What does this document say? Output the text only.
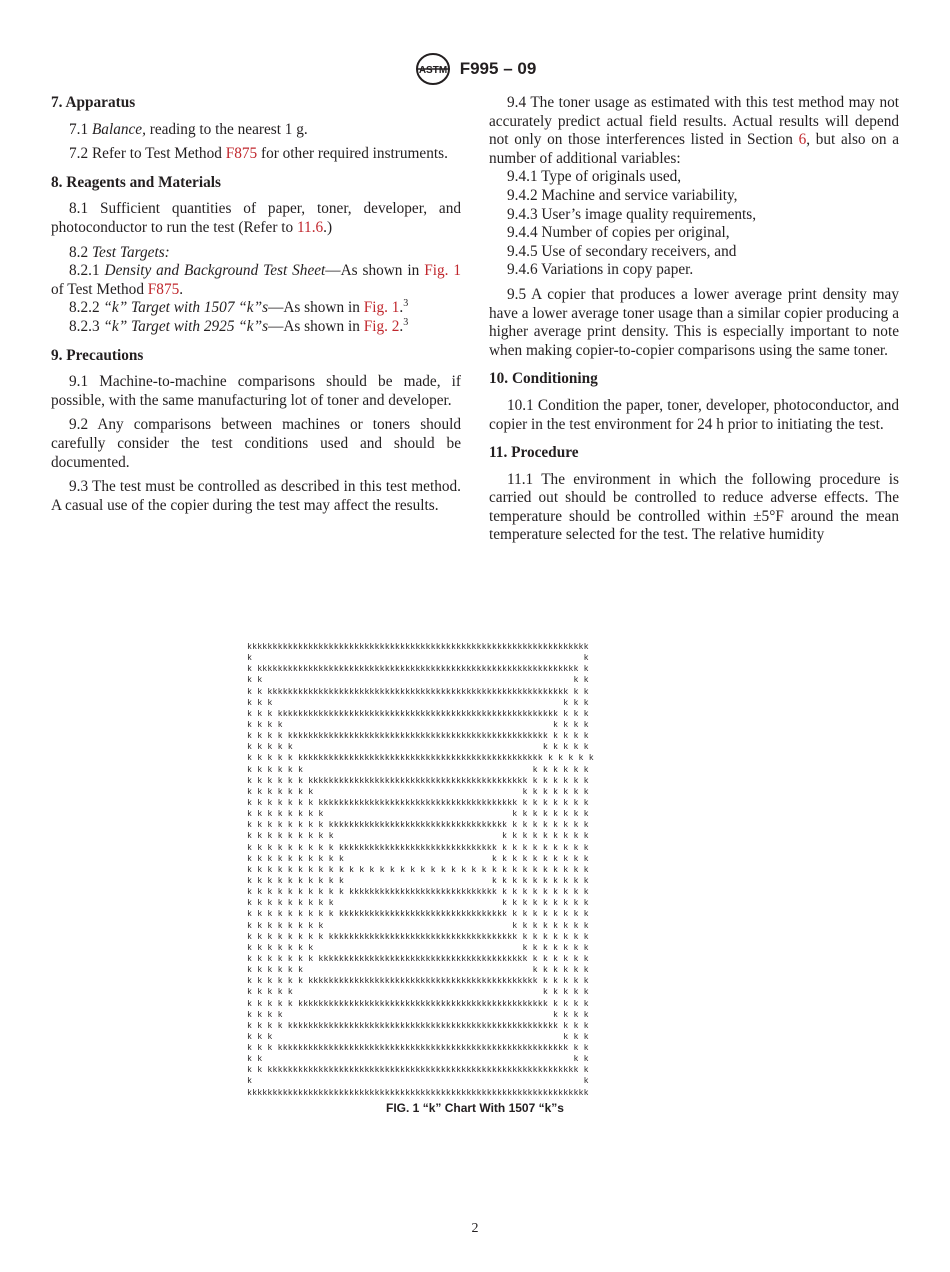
ASTM F995 – 09
7. Apparatus

7.1 Balance, reading to the nearest 1 g.

7.2 Refer to Test Method F875 for other required instruments.

8. Reagents and Materials

8.1 Sufficient quantities of paper, toner, developer, and photoconductor to run the test (Refer to 11.6.)

8.2 Test Targets:

8.2.1 Density and Background Test Sheet—As shown in Fig. 1 of Test Method F875.

8.2.2 “k” Target with 1507 “k”s—As shown in Fig. 1.$^3$

8.2.3 “k” Target with 2925 “k”s—As shown in Fig. 2.$^3$

9. Precautions

9.1 Machine-to-machine comparisons should be made, if possible, with the same manufacturing lot of toner and developer.

9.2 Any comparisons between machines or toners should carefully consider the test conditions used and should be documented.

9.3 The test must be controlled as described in this test method. A casual use of the copier during the test may affect the results.

9.4 The toner usage as estimated with this test method may not accurately predict actual field results. Actual results will depend not only on those interferences listed in Section 6, but also on a number of additional variables:

9.4.1 Type of originals used,

9.4.2 Machine and service variability,

9.4.3 User’s image quality requirements,

9.4.4 Number of copies per original,

9.4.5 Use of secondary receivers, and

9.4.6 Variations in copy paper.

9.5 A copier that produces a lower average print density may have a lower average toner usage than a similar copier producing a higher average print density. This is especially important to note when making copier-to-copier comparisons using the same toner.

10. Conditioning

10.1 Condition the paper, toner, developer, photoconductor, and copier in the test environment for 24 h prior to initiating the test.

11. Procedure

11.1 The environment in which the following procedure is carried out should be controlled to reduce adverse effects. The temperature should be controlled within ±5°F around the mean temperature selected for the test. The relative humidity

kkkkkkkkkkkkkkkkkkkkkkkkkkkkkkkkkkkkkkkkkkkkkkkkkkkkkkkkkkkkkkkkkkk
k                                                                 k
k kkkkkkkkkkkkkkkkkkkkkkkkkkkkkkkkkkkkkkkkkkkkkkkkkkkkkkkkkkkkkkk k
k k                                                             k k
k k kkkkkkkkkkkkkkkkkkkkkkkkkkkkkkkkkkkkkkkkkkkkkkkkkkkkkkkkkkk k k
k k k                                                         k k k
k k k kkkkkkkkkkkkkkkkkkkkkkkkkkkkkkkkkkkkkkkkkkkkkkkkkkkkkkk k k k
k k k k                                                     k k k k
k k k k kkkkkkkkkkkkkkkkkkkkkkkkkkkkkkkkkkkkkkkkkkkkkkkkkkk k k k k
k k k k k                                                 k k k k k
k k k k k kkkkkkkkkkkkkkkkkkkkkkkkkkkkkkkkkkkkkkkkkkkkkkkk k k k k k
k k k k k k                                             k k k k k k
k k k k k k kkkkkkkkkkkkkkkkkkkkkkkkkkkkkkkkkkkkkkkkkkk k k k k k k
k k k k k k k                                         k k k k k k k
k k k k k k k kkkkkkkkkkkkkkkkkkkkkkkkkkkkkkkkkkkkkkk k k k k k k k
k k k k k k k k                                     k k k k k k k k
k k k k k k k k kkkkkkkkkkkkkkkkkkkkkkkkkkkkkkkkkkk k k k k k k k k
k k k k k k k k k                                 k k k k k k k k k
k k k k k k k k k kkkkkkkkkkkkkkkkkkkkkkkkkkkkkkk k k k k k k k k k
k k k k k k k k k k                             k k k k k k k k k k
k k k k k k k k k k k k k k k k k k k k k k k k k k k k k k k k k k
k k k k k k k k k k                             k k k k k k k k k k
k k k k k k k k k k kkkkkkkkkkkkkkkkkkkkkkkkkkkkk k k k k k k k k k
k k k k k k k k k                                 k k k k k k k k k
k k k k k k k k k kkkkkkkkkkkkkkkkkkkkkkkkkkkkkkkkk k k k k k k k k
k k k k k k k k                                     k k k k k k k k
k k k k k k k k kkkkkkkkkkkkkkkkkkkkkkkkkkkkkkkkkkkkk k k k k k k k
k k k k k k k                                         k k k k k k k
k k k k k k k kkkkkkkkkkkkkkkkkkkkkkkkkkkkkkkkkkkkkkkkk k k k k k k
k k k k k k                                             k k k k k k
k k k k k k kkkkkkkkkkkkkkkkkkkkkkkkkkkkkkkkkkkkkkkkkkkkk k k k k k
k k k k k                                                 k k k k k
k k k k k kkkkkkkkkkkkkkkkkkkkkkkkkkkkkkkkkkkkkkkkkkkkkkkkk k k k k
k k k k                                                     k k k k
k k k k kkkkkkkkkkkkkkkkkkkkkkkkkkkkkkkkkkkkkkkkkkkkkkkkkkkkk k k k
k k k                                                         k k k
k k k kkkkkkkkkkkkkkkkkkkkkkkkkkkkkkkkkkkkkkkkkkkkkkkkkkkkkkkkk k k
k k                                                             k k
k k kkkkkkkkkkkkkkkkkkkkkkkkkkkkkkkkkkkkkkkkkkkkkkkkkkkkkkkkkkkkk k
k                                                                 k
kkkkkkkkkkkkkkkkkkkkkkkkkkkkkkkkkkkkkkkkkkkkkkkkkkkkkkkkkkkkkkkkkkk
FIG. 1 “k” Chart With 1507 “k”s
2
